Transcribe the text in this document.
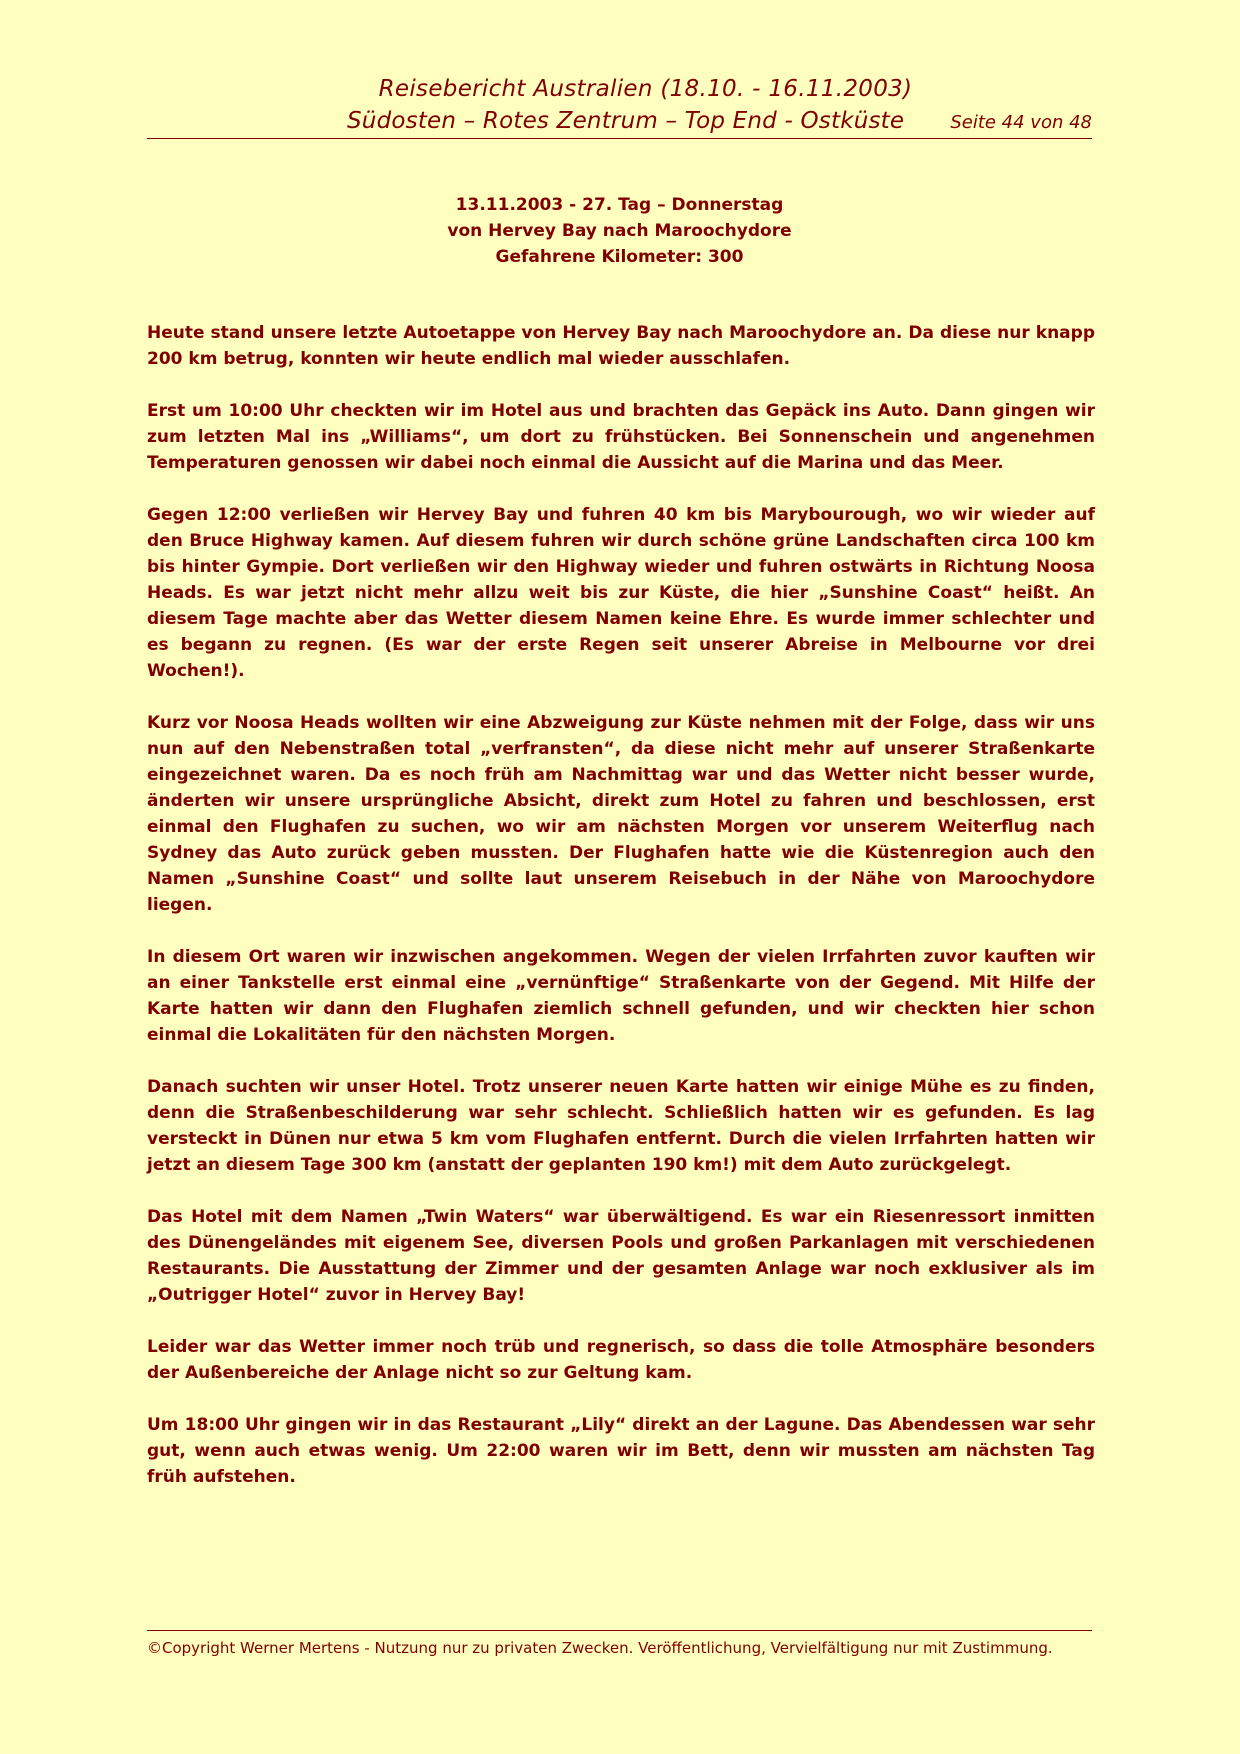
Reisebericht Australien (18.10. - 16.11.2003)
Südosten – Rotes Zentrum – Top End - Ostküste	Seite 44 von 48
13.11.2003 - 27. Tag – Donnerstag
von Hervey Bay nach Maroochydore
Gefahrene Kilometer: 300

Heute stand unsere letzte Autoetappe von Hervey Bay nach Maroochydore an. Da diese nur knapp 200 km betrug, konnten wir heute endlich mal wieder ausschlafen.

Erst um 10:00 Uhr checkten wir im Hotel aus und brachten das Gepäck ins Auto. Dann gingen wir zum letzten Mal ins „Williams“, um dort zu frühstücken. Bei Sonnenschein und angenehmen Temperaturen genossen wir dabei noch einmal die Aussicht auf die Marina und das Meer.

Gegen 12:00 verließen wir Hervey Bay und fuhren 40 km bis Marybourough, wo wir wieder auf den Bruce Highway kamen. Auf diesem fuhren wir durch schöne grüne Landschaften circa 100 km bis hinter Gympie. Dort verließen wir den Highway wieder und fuhren ostwärts in Richtung Noosa Heads. Es war jetzt nicht mehr allzu weit bis zur Küste, die hier „Sunshine Coast“ heißt. An diesem Tage machte aber das Wetter diesem Namen keine Ehre. Es wurde immer schlechter und es begann zu regnen. (Es war der erste Regen seit unserer Abreise in Melbourne vor drei Wochen!).

Kurz vor Noosa Heads wollten wir eine Abzweigung zur Küste nehmen mit der Folge, dass wir uns nun auf den Nebenstraßen total „verfransten“, da diese nicht mehr auf unserer Straßenkarte eingezeichnet waren. Da es noch früh am Nachmittag war und das Wetter nicht besser wurde, änderten wir unsere ursprüngliche Absicht, direkt zum Hotel zu fahren und beschlossen, erst einmal den Flughafen zu suchen, wo wir am nächsten Morgen vor unserem Weiterflug nach Sydney das Auto zurück geben mussten. Der Flughafen hatte wie die Küstenregion auch den Namen „Sunshine Coast“ und sollte laut unserem Reisebuch in der Nähe von Maroochydore liegen.

In diesem Ort waren wir inzwischen angekommen. Wegen der vielen Irrfahrten zuvor kauften wir an einer Tankstelle erst einmal eine „vernünftige“ Straßenkarte von der Gegend. Mit Hilfe der Karte hatten wir dann den Flughafen ziemlich schnell gefunden, und wir checkten hier schon einmal die Lokalitäten für den nächsten Morgen.

Danach suchten wir unser Hotel. Trotz unserer neuen Karte hatten wir einige Mühe es zu finden, denn die Straßenbeschilderung war sehr schlecht. Schließlich hatten wir es gefunden. Es lag versteckt in Dünen nur etwa 5 km vom Flughafen entfernt. Durch die vielen Irrfahrten hatten wir jetzt an diesem Tage 300 km (anstatt der geplanten 190 km!) mit dem Auto zurückgelegt.

Das Hotel mit dem Namen „Twin Waters“ war überwältigend. Es war ein Riesenressort inmitten des Dünengeländes mit eigenem See, diversen Pools und großen Parkanlagen mit verschiedenen Restaurants. Die Ausstattung der Zimmer und der gesamten Anlage war noch exklusiver als im „Outrigger Hotel“ zuvor in Hervey Bay!

Leider war das Wetter immer noch trüb und regnerisch, so dass die tolle Atmosphäre besonders der Außenbereiche der Anlage nicht so zur Geltung kam.

Um 18:00 Uhr gingen wir in das Restaurant „Lily“ direkt an der Lagune. Das Abendessen war sehr gut, wenn auch etwas wenig. Um 22:00 waren wir im Bett, denn wir mussten am nächsten Tag früh aufstehen.

©Copyright Werner Mertens - Nutzung nur zu privaten Zwecken. Veröffentlichung, Vervielfältigung nur mit Zustimmung.
